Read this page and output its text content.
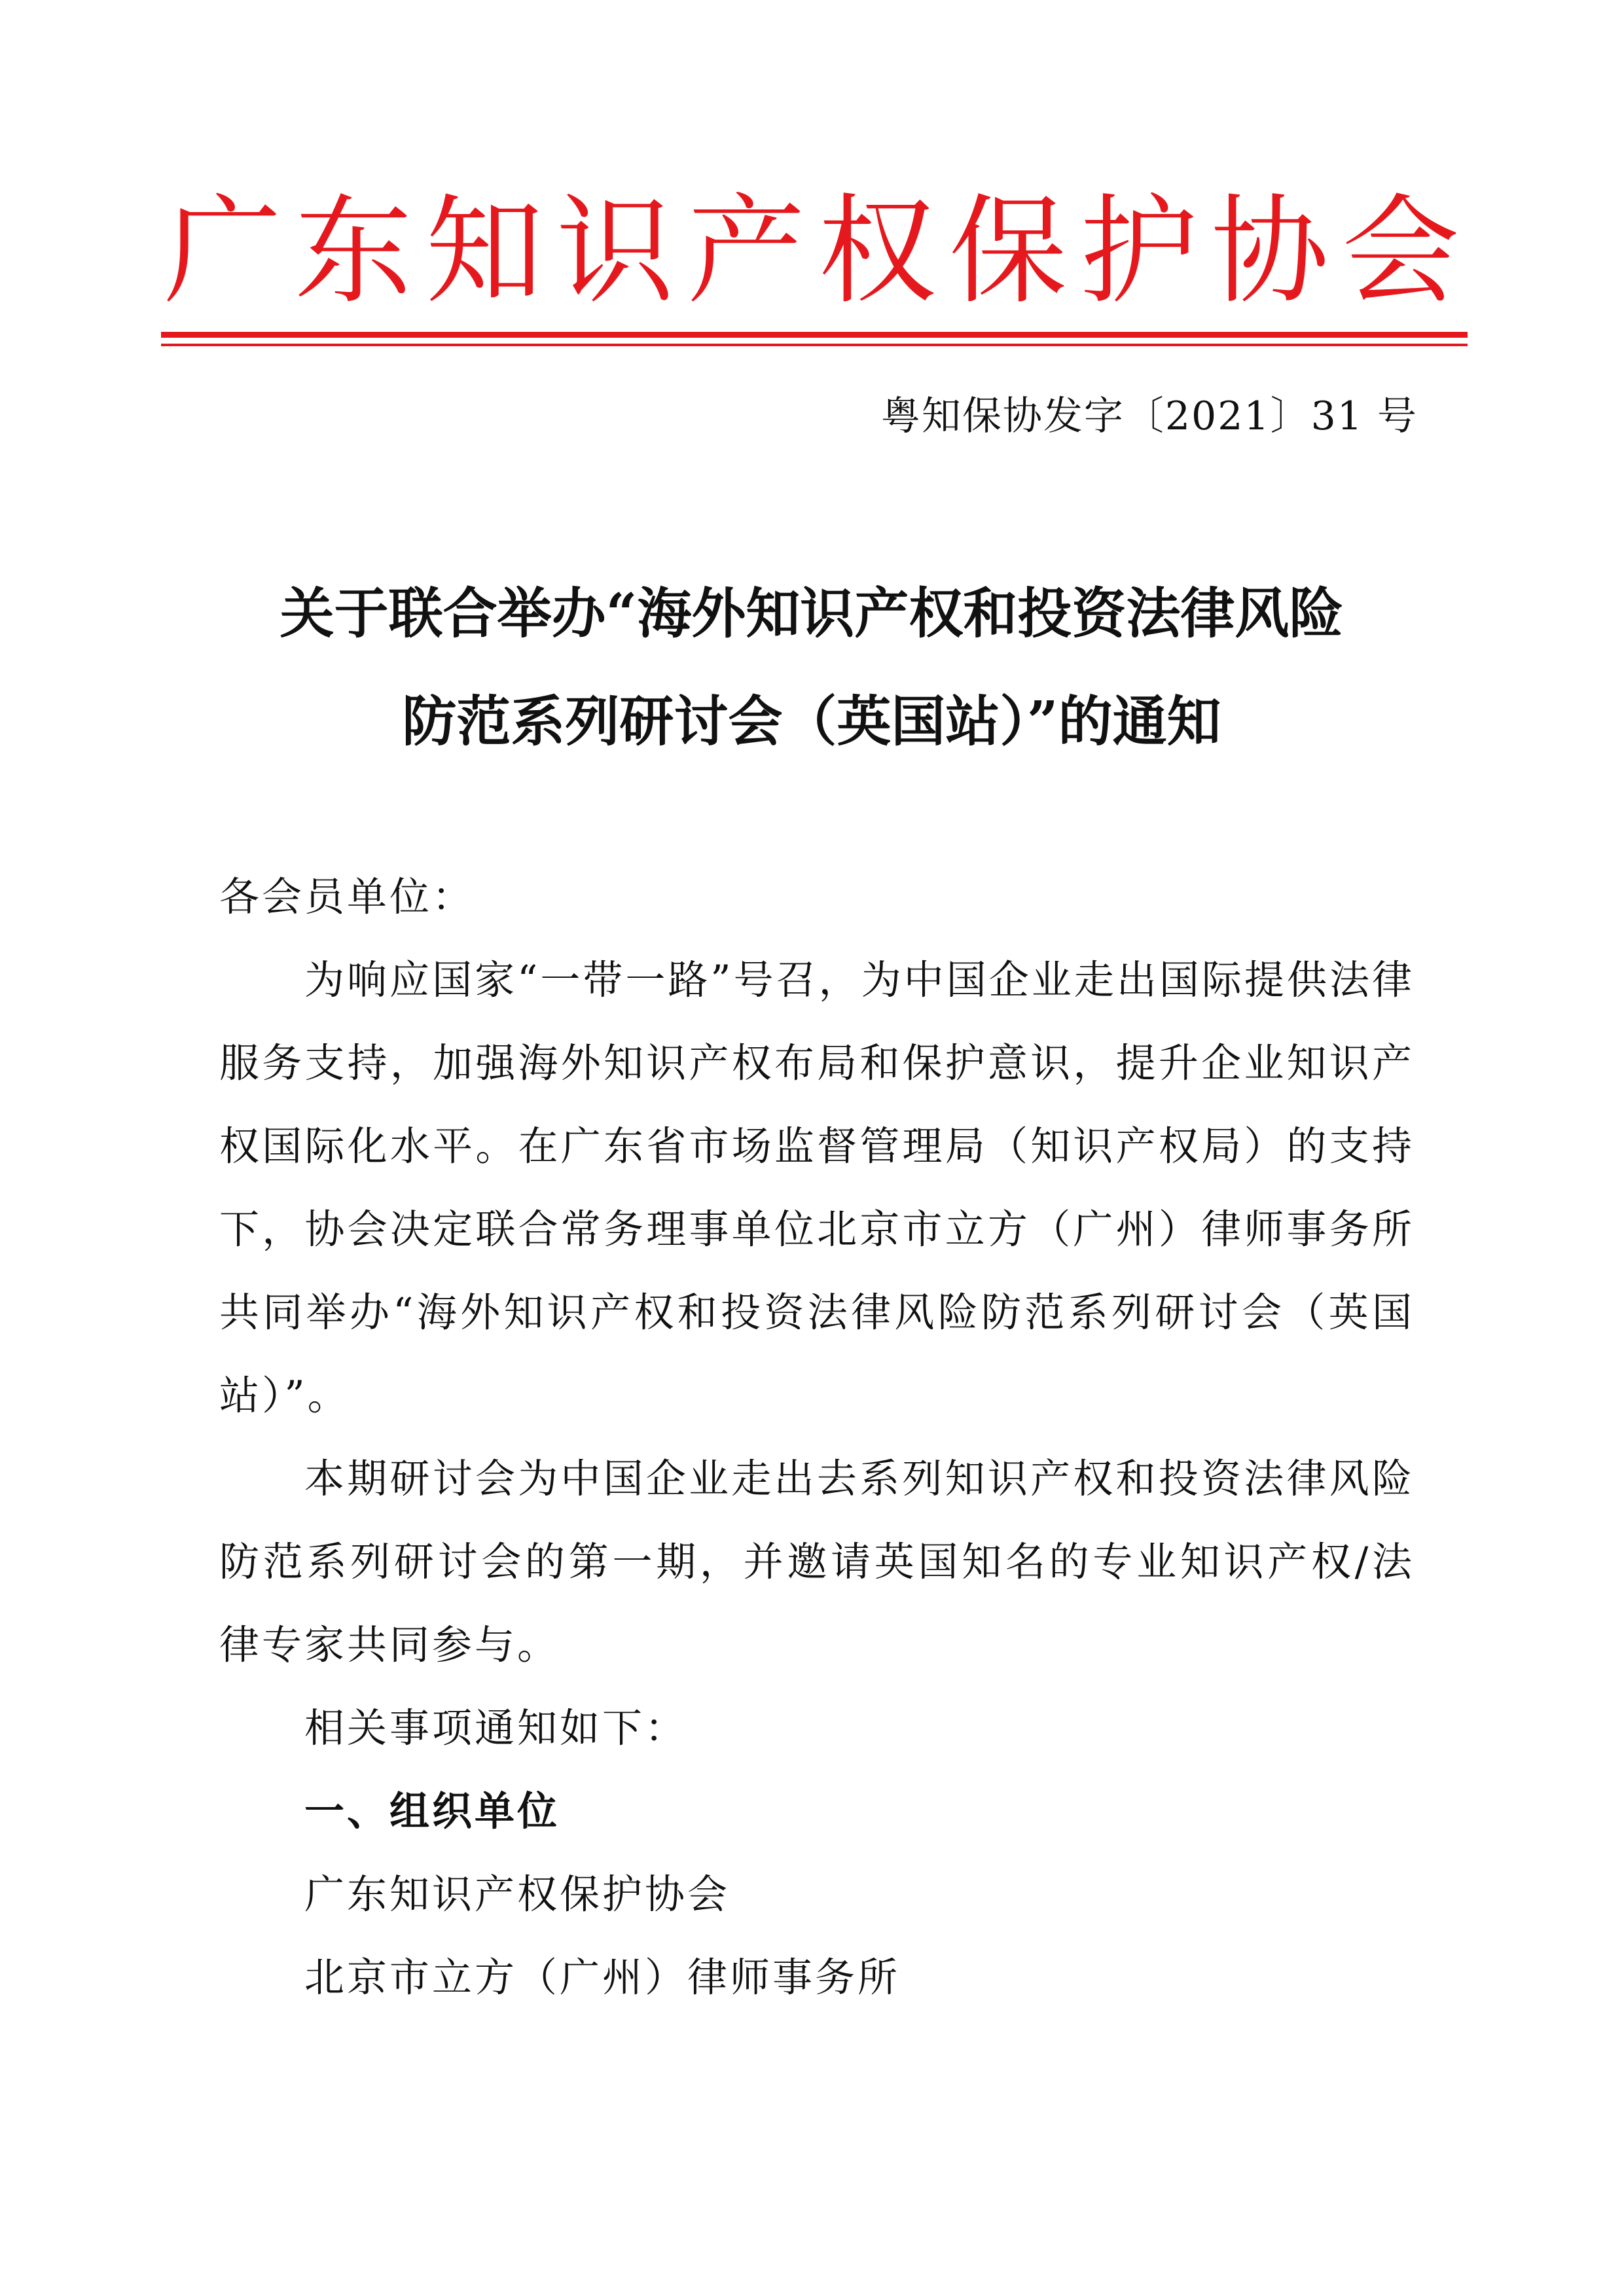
广 东 知 识 产 权 保 护 协 会
粤知保协发字〔2021〕31 号
关于联合举办“海外知识产权和投资法律风险
防范系列研讨会（英国站）”的通知

各会员单位：

为响应国家“一带一路”号召，为中国企业走出国际提供法律服务支持，加强海外知识产权布局和保护意识，提升企业知识产权国际化水平。在广东省市场监督管理局（知识产权局）的支持下，协会决定联合常务理事单位北京市立方（广州）律师事务所共同举办“海外知识产权和投资法律风险防范系列研讨会（英国站）”。

本期研讨会为中国企业走出去系列知识产权和投资法律风险防范系列研讨会的第一期，并邀请英国知名的专业知识产权/法律专家共同参与。

相关事项通知如下：

一、组织单位

广东知识产权保护协会

北京市立方（广州）律师事务所
